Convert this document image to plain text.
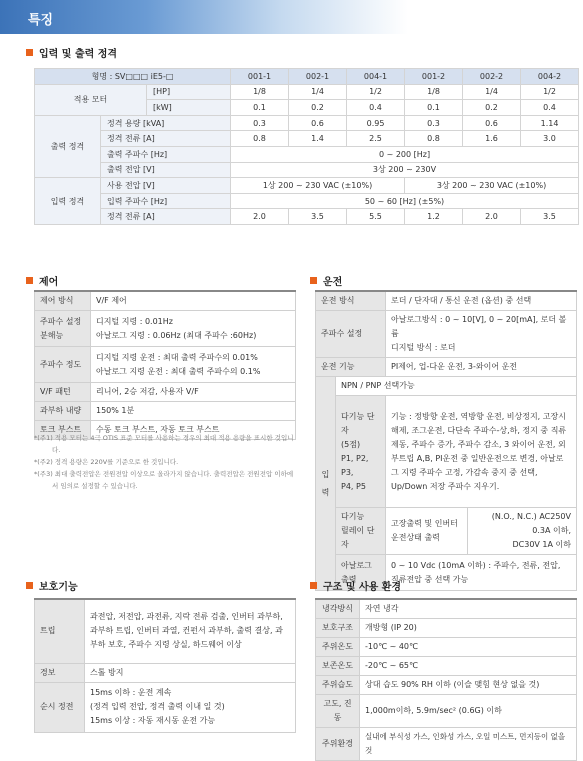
특징
입력 및 출력 정격
형명 : SV□□□ iE5-□			001-1	002-1	004-1	001-2	002-2	004-2
적용 모터		[HP]	1/8	1/4	1/2	1/8	1/4	1/2
		[kW]	0.1	0.2	0.4	0.1	0.2	0.4
출력 정격	정격 용량 [kVA]		0.3	0.6	0.95	0.3	0.6	1.14
	정격 전류 [A]		0.8	1.4	2.5	0.8	1.6	3.0
	출력 주파수 [Hz]		0 ~ 200 [Hz]					
	출력 전압 [V]		3상 200 ~ 230V					
입력 정격	사용 전압 [V]		1상 200 ~ 230 VAC (±10%)			3상 200 ~ 230 VAC (±10%)		
	입력 주파수 [Hz]		50 ~ 60 [Hz] (±5%)					
	정격 전류 [A]		2.0	3.5	5.5	1.2	2.0	3.5
제어
제어 방식	V/F 제어
주파수 설정 분해능	디지털 지령 : 0.01Hz
아날로그 지령 : 0.06Hz (최대 주파수 :60Hz)
주파수 정도	디지털 지령 운전 : 최대 출력 주파수의 0.01%
아날로그 지령 운전 : 최대 출력 주파수의 0.1%
V/F 패턴	리니어, 2승 저감, 사용자 V/F
과부하 내량	150% 1분
토크 부스트	수동 토크 부스트, 자동 토크 부스트
*(주1) 적용 모터는 4극 OTIS 표준 모터를 사용하는 경우의 최대 적용 용량을 표시한 것입니다.
*(주2) 정격 용량은 220V를 기준으로 한 것입니다.
*(주3) 최대 출력전압은 전원전압 이상으로 올라가지 않습니다. 출력전압은 전원전압 이하에서 임의로 설정할 수 있습니다.
운전
운전 방식		로더 / 단자대 / 통신 운전 (옵션) 중 선택	
주파수 설정		아날로그방식 : 0 ~ 10[V], 0 ~ 20[mA], 로더 볼륨
디지털 방식 : 로더	
운전 기능		PI제어, 업-다운 운전, 3-와이어 운전	
입
력	NPN / PNP 선택가능		
	다기능 단자
(5점)
P1, P2, P3,
P4, P5	기능 : 정방향 운전, 역방향 운전, 비상정지, 고장시 해제, 조그운전, 다단속 주파수-상,하, 정지 중 직류 제동, 주파수 증가, 주파수 감소, 3 와이어 운전, 외부트립 A,B, PI운전 중 일반운전으로 변경, 아날로그 지령 주파수 고정, 가감속 중지 중 선택, Up/Down 저장 주파수 지우기.	
	다기능
릴레이 단자	고장출력 및 인버터
운전상태 출력	(N.O., N.C.) AC250V 0.3A 이하,
DC30V 1A 이하
	아날로그
출력	0 ~ 10 Vdc (10mA 이하) : 주파수, 전류, 전압,
직류전압 중 선택 가능	
보호기능
트립	과전압, 저전압, 과전류, 지락 전류 검출, 인버터 과부하, 과부하 트립, 인버터 과열, 컨펀서 과부하, 출력 결상, 과부하 보호, 주파수 지령 상실, 하드웨어 이상
경보	스톨 방지
순시 정전	15ms 이하 : 운전 계속
(정격 입력 전압, 정격 출력 이내 일 것)
15ms 이상 : 자동 재시동 운전 가능
구조 및 사용 환경
냉각방식	자연 냉각
보호구조	개방형 (IP 20)
주위온도	-10℃ ~ 40℃
보존온도	-20℃ ~ 65℃
주위습도	상대 습도 90% RH 이하 (이슬 맺힘 현상 없을 것)
고도, 진동	1,000m이하, 5.9m/sec² (0.6G) 이하
주위환경	실내에 부식성 가스, 인화성 가스, 오일 미스트, 먼지등이 없을것
